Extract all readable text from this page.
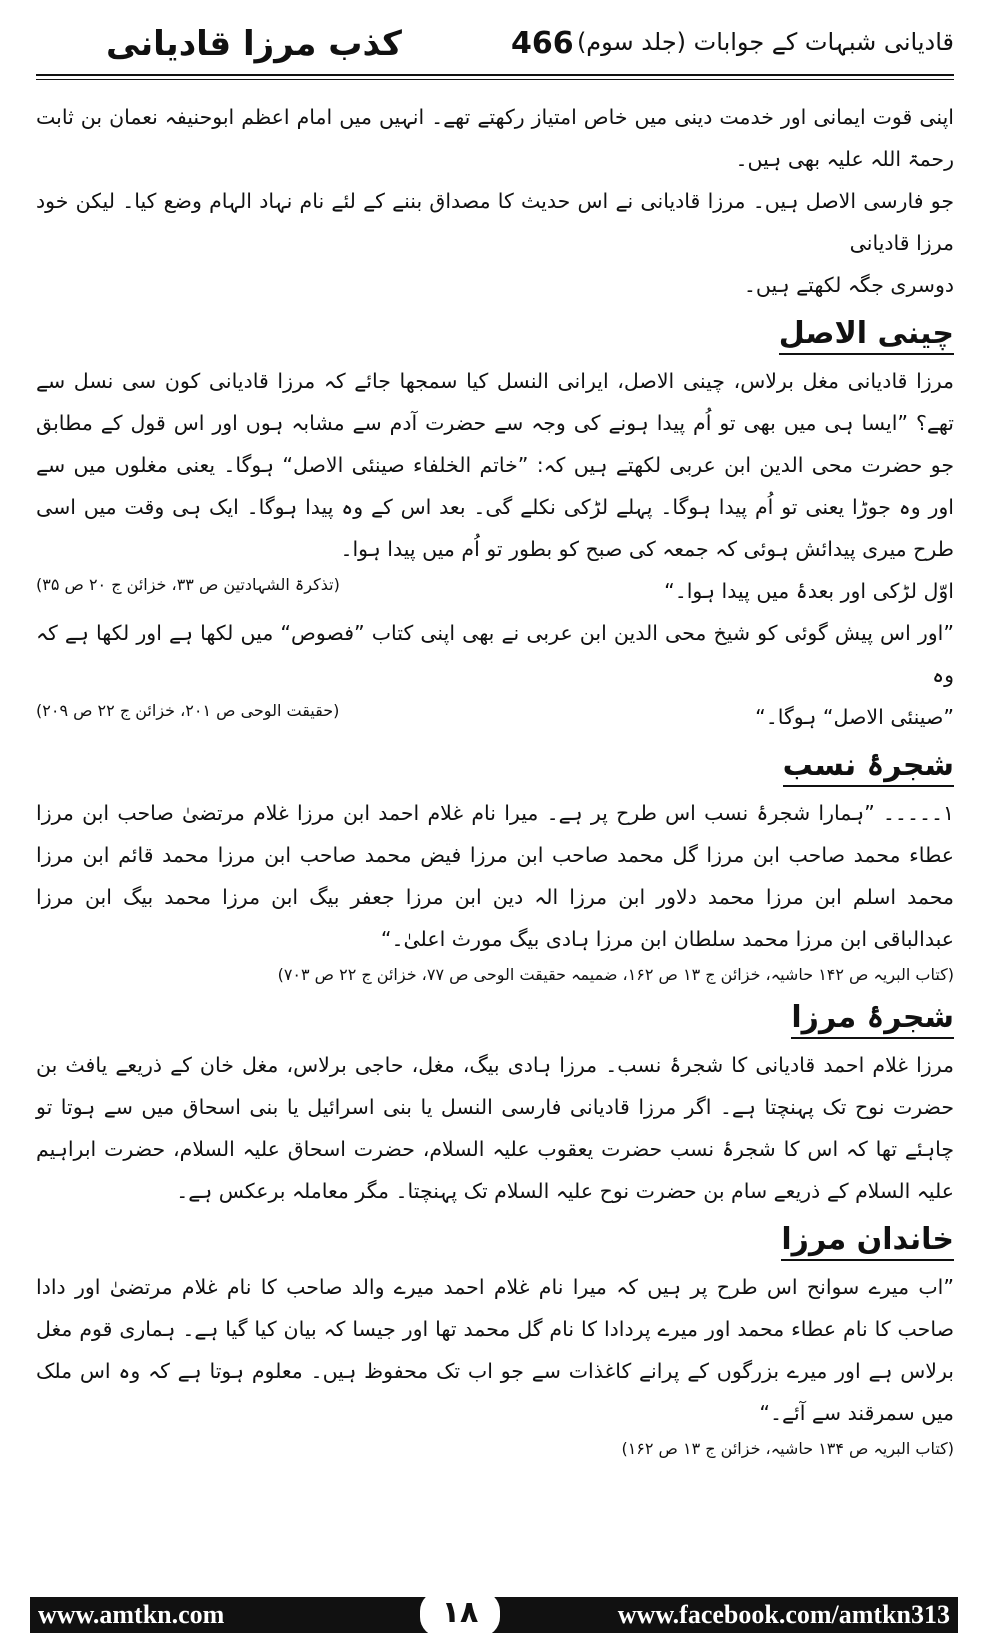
کذب مرزا قادیانی	466 قادیانی شبہات کے جوابات (جلد سوم)

اپنی قوت ایمانی اور خدمت دینی میں خاص امتیاز رکھتے تھے۔ انہیں میں امام اعظم ابوحنیفہ نعمان بن ثابت رحمۃ اللہ علیہ بھی ہیں۔

جو فارسی الاصل ہیں۔ مرزا قادیانی نے اس حدیث کا مصداق بننے کے لئے نام نہاد الہام وضع کیا۔ لیکن خود مرزا قادیانی

دوسری جگہ لکھتے ہیں۔

چینی الاصل

مرزا قادیانی مغل برلاس، چینی الاصل، ایرانی النسل کیا سمجھا جائے کہ مرزا قادیانی کون سی نسل سے تھے؟ ”ایسا ہی میں بھی تو اُم پیدا ہونے کی وجہ سے حضرت آدم سے مشابہ ہوں اور اس قول کے مطابق جو حضرت محی الدین ابن عربی لکھتے ہیں کہ: ”خاتم الخلفاء صینئی الاصل“ ہوگا۔ یعنی مغلوں میں سے اور وہ جوڑا یعنی تو اُم پیدا ہوگا۔ پہلے لڑکی نکلے گی۔ بعد اس کے وہ پیدا ہوگا۔ ایک ہی وقت میں اسی طرح میری پیدائش ہوئی کہ جمعہ کی صبح کو بطور تو اُم میں پیدا ہوا۔

اوّل لڑکی اور بعدۂ میں پیدا ہوا۔“
(تذکرۃ الشہادتین ص ۳۳، خزائن ج ۲۰ ص ۳۵)

”اور اس پیش گوئی کو شیخ محی الدین ابن عربی نے بھی اپنی کتاب ”فصوص“ میں لکھا ہے اور لکھا ہے کہ وہ

”صینئی الاصل“ ہوگا۔“
(حقیقت الوحی ص ۲۰۱، خزائن ج ۲۲ ص ۲۰۹)
شجرۂ نسب

۱۔۔۔۔۔ ”ہمارا شجرۂ نسب اس طرح پر ہے۔ میرا نام غلام احمد ابن مرزا غلام مرتضیٰ صاحب ابن مرزا عطاء محمد صاحب ابن مرزا گل محمد صاحب ابن مرزا فیض محمد صاحب ابن مرزا محمد قائم ابن مرزا محمد اسلم ابن مرزا محمد دلاور ابن مرزا الہ دین ابن مرزا جعفر بیگ ابن مرزا محمد بیگ ابن مرزا عبدالباقی ابن مرزا محمد سلطان ابن مرزا ہادی بیگ مورث اعلیٰ۔“

(کتاب البریہ ص ۱۴۲ حاشیہ، خزائن ج ۱۳ ص ۱۶۲، ضمیمہ حقیقت الوحی ص ۷۷، خزائن ج ۲۲ ص ۷۰۳)
شجرۂ مرزا

مرزا غلام احمد قادیانی کا شجرۂ نسب۔ مرزا ہادی بیگ، مغل، حاجی برلاس، مغل خان کے ذریعے یافث بن حضرت نوح تک پہنچتا ہے۔ اگر مرزا قادیانی فارسی النسل یا بنی اسرائیل یا بنی اسحاق میں سے ہوتا تو چاہئے تھا کہ اس کا شجرۂ نسب حضرت یعقوب علیہ السلام، حضرت اسحاق علیہ السلام، حضرت ابراہیم علیہ السلام کے ذریعے سام بن حضرت نوح علیہ السلام تک پہنچتا۔ مگر معاملہ برعکس ہے۔

خاندان مرزا

”اب میرے سوانح اس طرح پر ہیں کہ میرا نام غلام احمد میرے والد صاحب کا نام غلام مرتضیٰ اور دادا صاحب کا نام عطاء محمد اور میرے پردادا کا نام گل محمد تھا اور جیسا کہ بیان کیا گیا ہے۔ ہماری قوم مغل برلاس ہے اور میرے بزرگوں کے پرانے کاغذات سے جو اب تک محفوظ ہیں۔ معلوم ہوتا ہے کہ وہ اس ملک میں سمرقند سے آئے۔“

(کتاب البریہ ص ۱۳۴ حاشیہ، خزائن ج ۱۳ ص ۱۶۲)
www.amtkn.com	۱۸	www.facebook.com/amtkn313
